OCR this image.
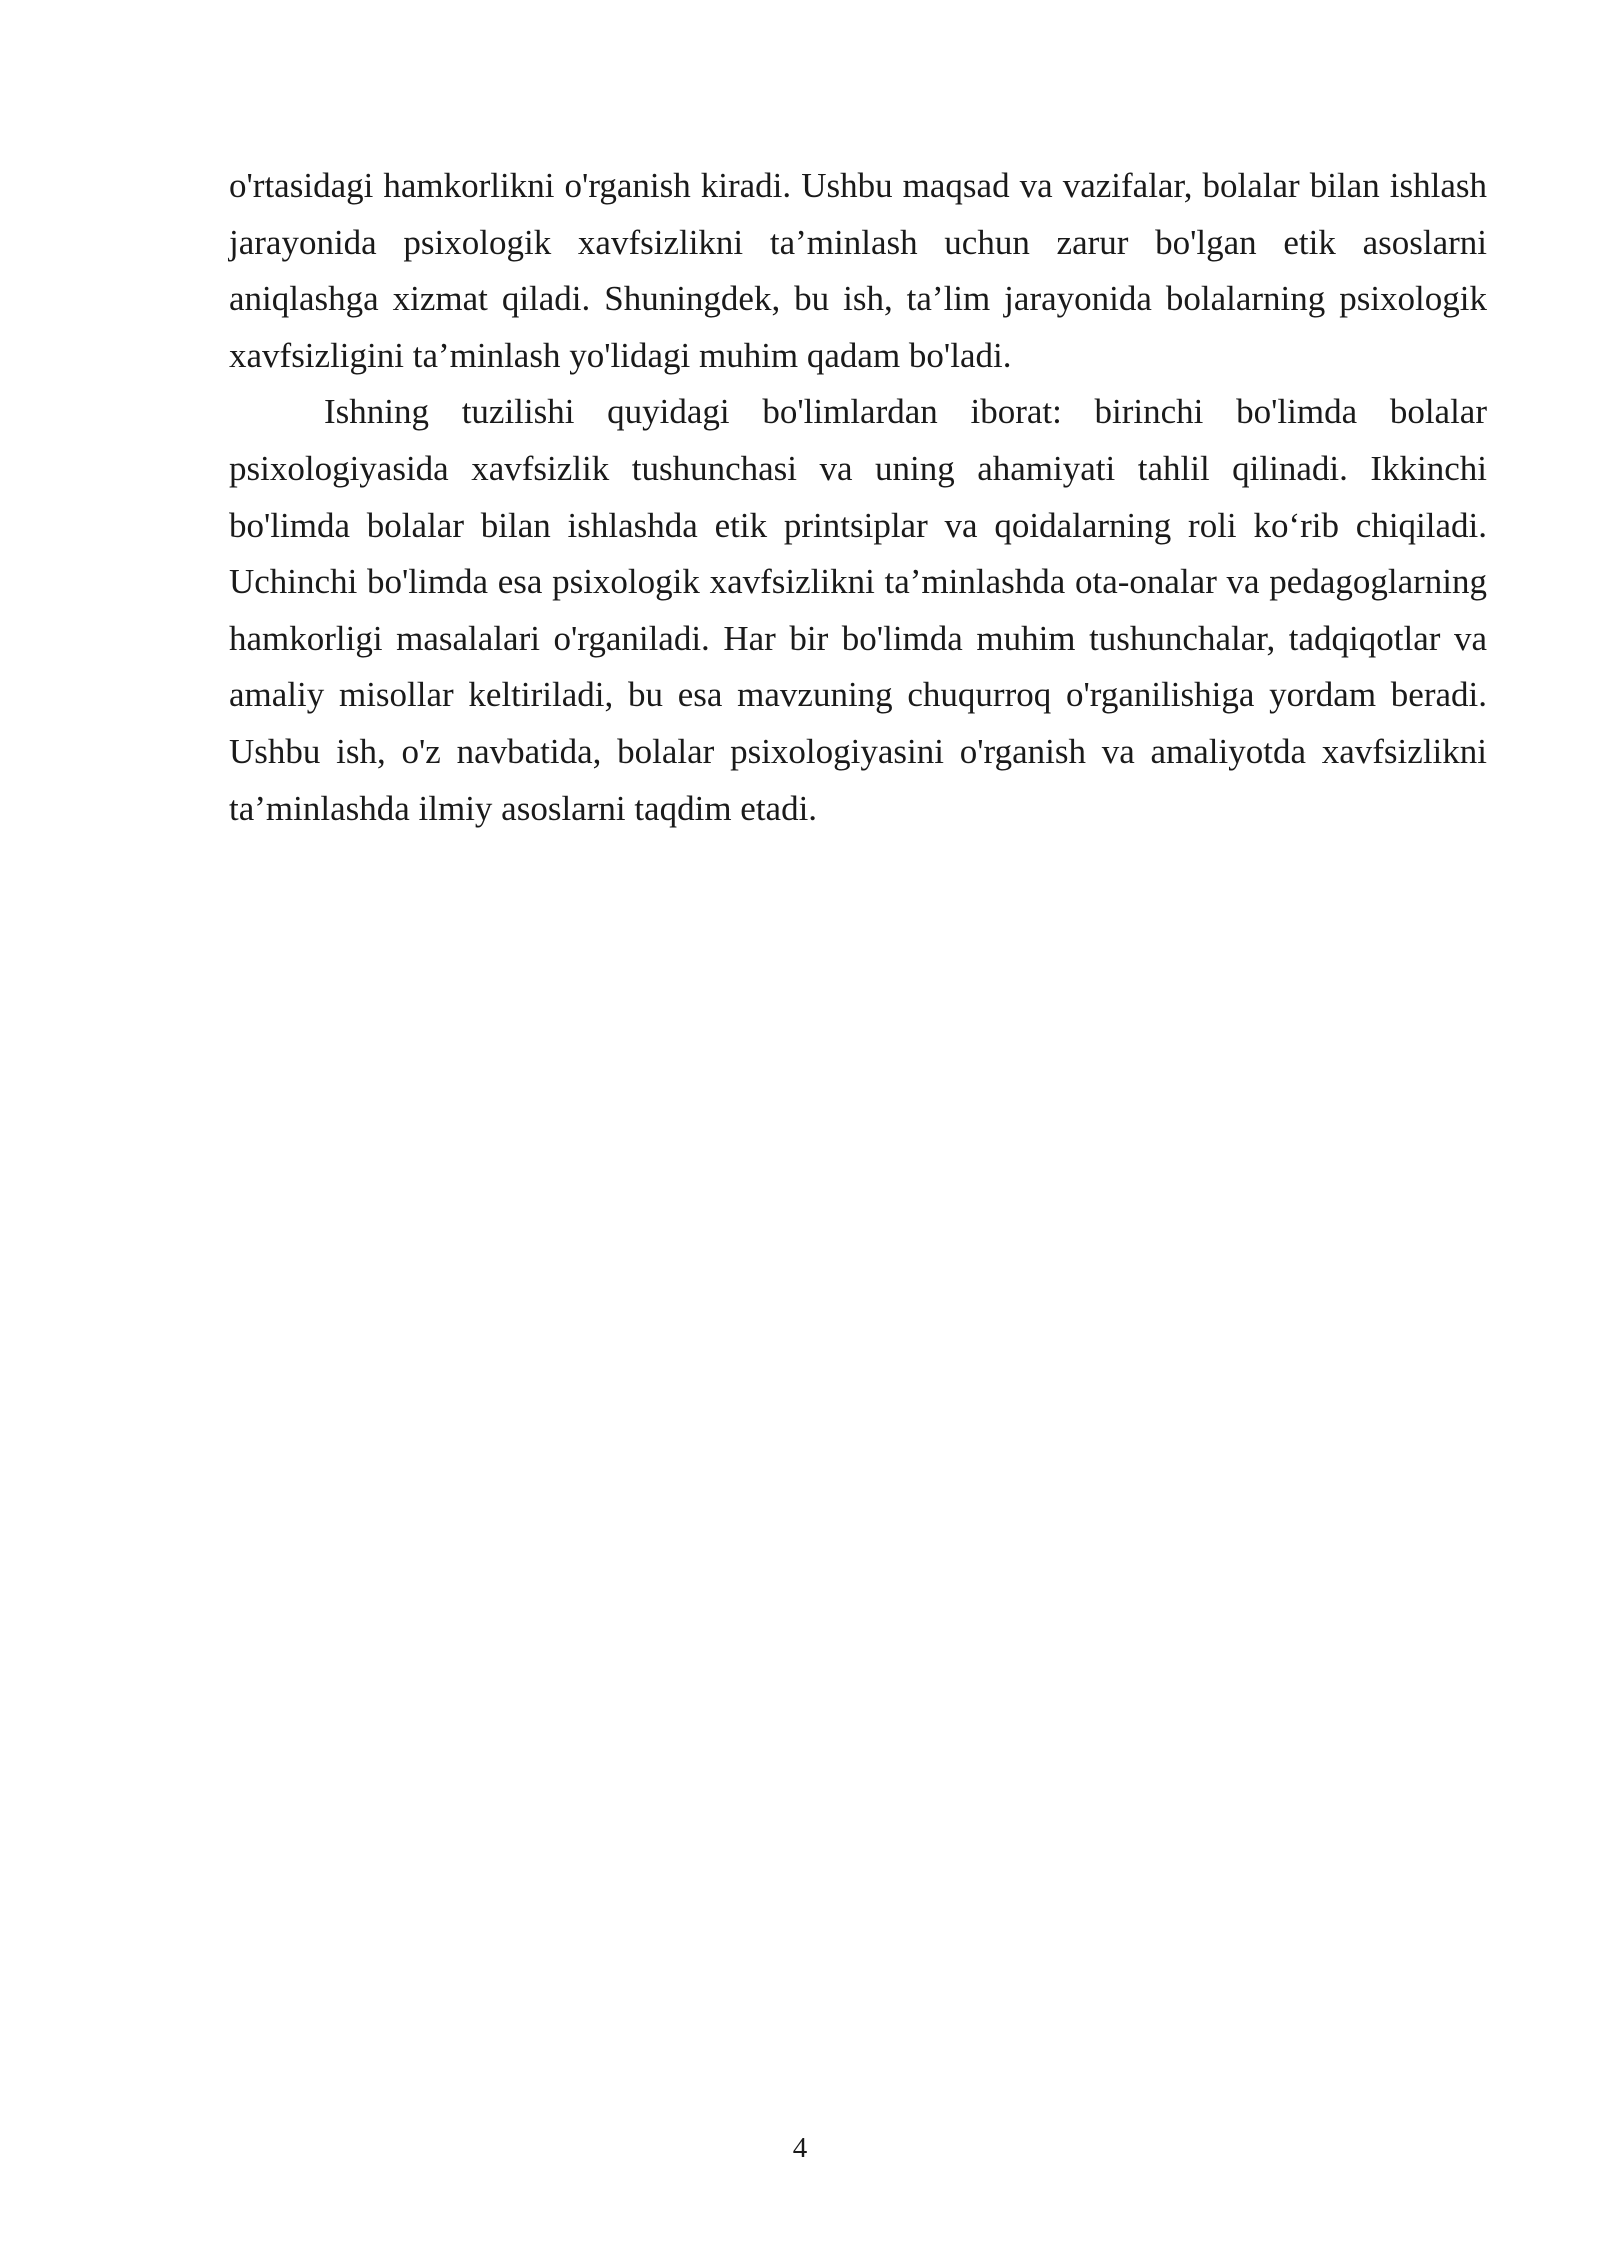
o'rtasidagi hamkorlikni o'rganish kiradi. Ushbu maqsad va vazifalar, bolalar bilan ishlash jarayonida psixologik xavfsizlikni ta’minlash uchun zarur bo'lgan etik asoslarni aniqlashga xizmat qiladi. Shuningdek, bu ish, ta’lim jarayonida bolalarning psixologik xavfsizligini ta’minlash yo'lidagi muhim qadam bo'ladi.

Ishning tuzilishi quyidagi bo'limlardan iborat: birinchi bo'limda bolalar psixologiyasida xavfsizlik tushunchasi va uning ahamiyati tahlil qilinadi. Ikkinchi bo'limda bolalar bilan ishlashda etik printsiplar va qoidalarning roli ko‘rib chiqiladi. Uchinchi bo'limda esa psixologik xavfsizlikni ta’minlashda ota-onalar va pedagoglarning hamkorligi masalalari o'rganiladi. Har bir bo'limda muhim tushunchalar, tadqiqotlar va amaliy misollar keltiriladi, bu esa mavzuning chuqurroq o'rganilishiga yordam beradi. Ushbu ish, o'z navbatida, bolalar psixologiyasini o'rganish va amaliyotda xavfsizlikni ta’minlashda ilmiy asoslarni taqdim etadi.

4
